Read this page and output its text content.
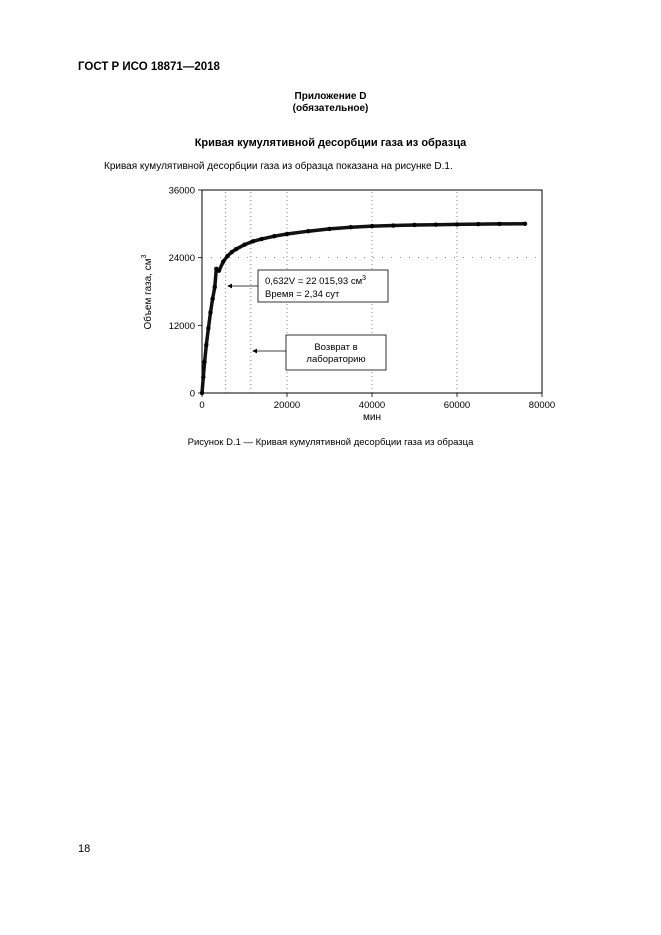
ГОСТ Р ИСО 18871—2018
Приложение D
(обязательное)
Кривая кумулятивной десорбции газа из образца
Кривая кумулятивной десорбции газа из образца показана на рисунке D.1.
0	20000	40000	60000	80000
0
12000
24000
36000
мин
Объем газа, $см^3$
0,632V = 22 015,93 $см^3$
Время = 2,34 сут
Возврат в
лабораторию
Рисунок D.1 — Кривая кумулятивной десорбции газа из образца
18
